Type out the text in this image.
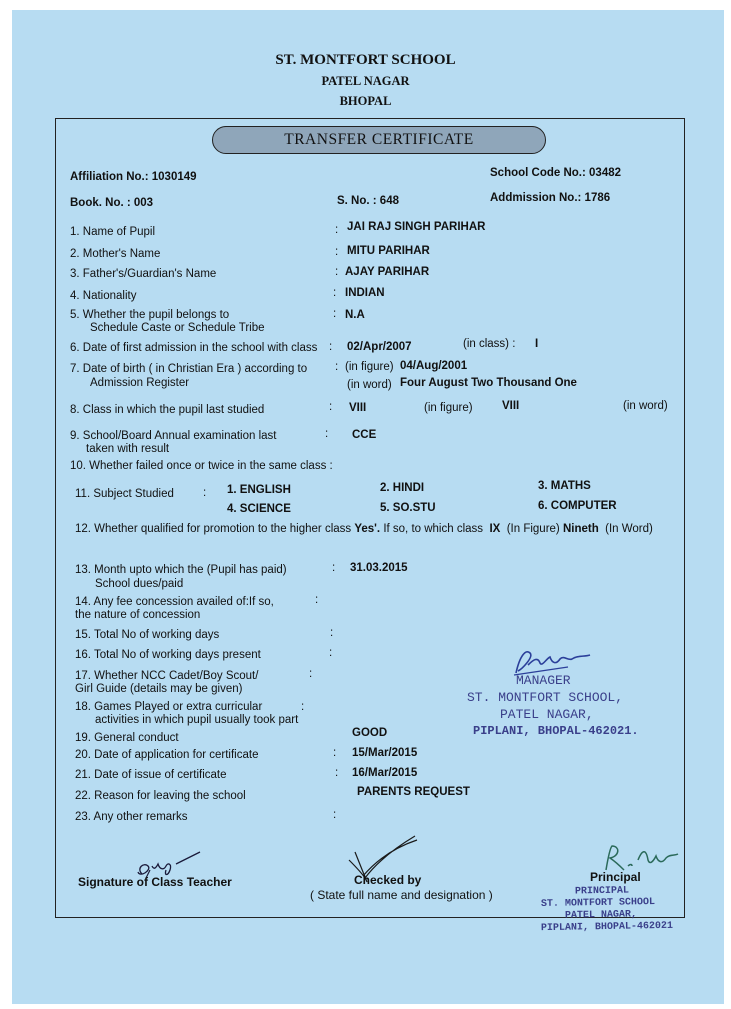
ST. MONTFORT SCHOOL
PATEL NAGAR
BHOPAL
TRANSFER CERTIFICATE
Affiliation No.: 1030149	School Code No.: 03482
Book. No. : 003	S. No. : 648	Addmission No.: 1786
1. Name of Pupil	: JAI RAJ SINGH PARIHAR
2. Mother's Name	: MITU PARIHAR
3. Father's/Guardian's Name	: AJAY PARIHAR
4. Nationality	: INDIAN
5. Whether the pupil belongs to
Schedule Caste or Schedule Tribe
: N.A
6. Date of first admission in the school with class : 02/Apr/2007	(in class) : I
7. Date of birth ( in Christian Era ) according to
Admission Register
: (in figure) 04/Aug/2001
(in word) Four August Two Thousand One
8. Class in which the pupil last studied	: VIII	(in figure)	VIII	(in word)
9. School/Board Annual examination last
taken with result
: CCE
10. Whether failed once or twice in the same class :
11. Subject Studied	: 1. ENGLISH	2. HINDI	3. MATHS
4. SCIENCE	5. SO.STU	6. COMPUTER
12. Whether qualified for promotion to the higher class Yes'. If so, to which class IX (In Figure) Nineth (In Word)
13. Month upto which the (Pupil has paid)
School dues/paid
: 31.03.2015
14. Any fee concession availed of:If so,
the nature of concession
:
15. Total No of working days	:
16. Total No of working days present	:
17. Whether NCC Cadet/Boy Scout/
Girl Guide (details may be given)
:
18. Games Played or extra curricular
activities in which pupil usually took part
:
19. General conduct	GOOD
20. Date of application for certificate	: 15/Mar/2015
21. Date of issue of certificate	: 16/Mar/2015
22. Reason for leaving the school	PARENTS REQUEST
23. Any other remarks	:
MANAGER
ST. MONTFORT SCHOOL,
PATEL NAGAR,
PIPLANI, BHOPAL-462021.
Signature of Class Teacher	Checked by
( State full name and designation )
Principal
PRINCIPAL
ST. MONTFORT SCHOOL
PATEL NAGAR,
PIPLANI, BHOPAL-462021
